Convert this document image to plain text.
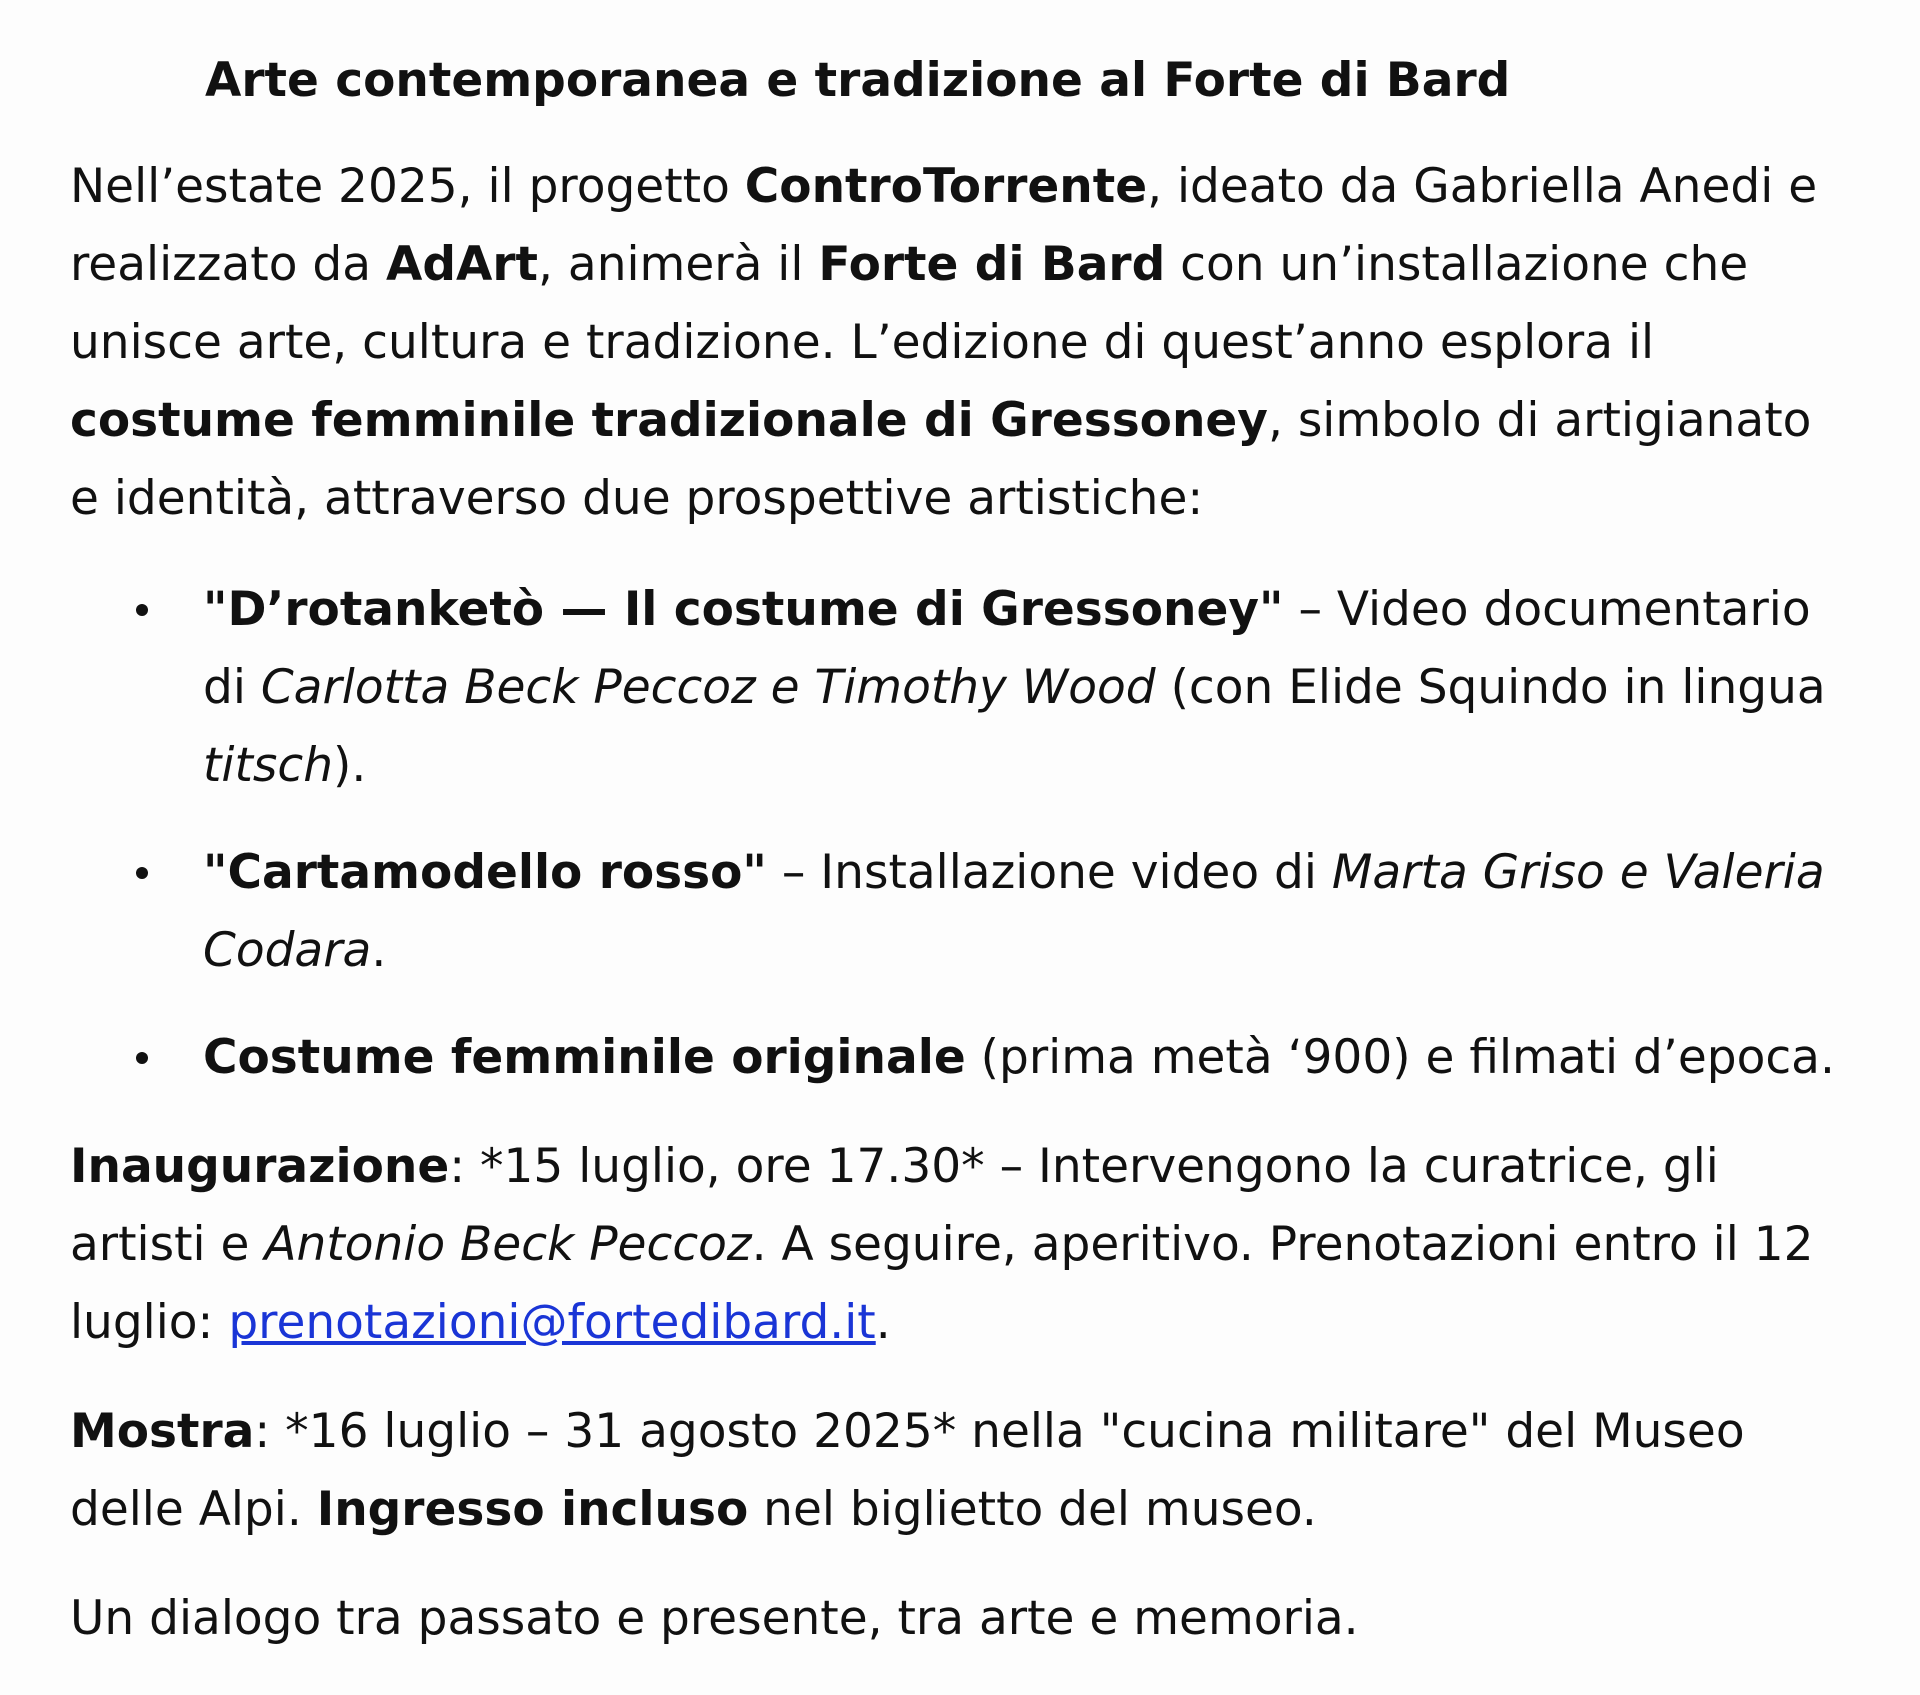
Arte contemporanea e tradizione al Forte di Bard

Nell’estate 2025, il progetto ControTorrente, ideato da Gabriella Anedi e realizzato da AdArt, animerà il Forte di Bard con un’installazione che unisce arte, cultura e tradizione. L’edizione di quest’anno esplora il costume femminile tradizionale di Gressoney, simbolo di artigianato e identità, attraverso due prospettive artistiche:

"D’rotanketò — Il costume di Gressoney" – Video documentario di Carlotta Beck Peccoz e Timothy Wood (con Elide Squindo in lingua titsch).
"Cartamodello rosso" – Installazione video di Marta Griso e Valeria Codara.
Costume femminile originale (prima metà ‘900) e filmati d’epoca.

Inaugurazione: *15 luglio, ore 17.30* – Intervengono la curatrice, gli artisti e Antonio Beck Peccoz. A seguire, aperitivo. Prenotazioni entro il 12 luglio: prenotazioni@fortedibard.it.

Mostra: *16 luglio – 31 agosto 2025* nella "cucina militare" del Museo delle Alpi. Ingresso incluso nel biglietto del museo.

Un dialogo tra passato e presente, tra arte e memoria.
